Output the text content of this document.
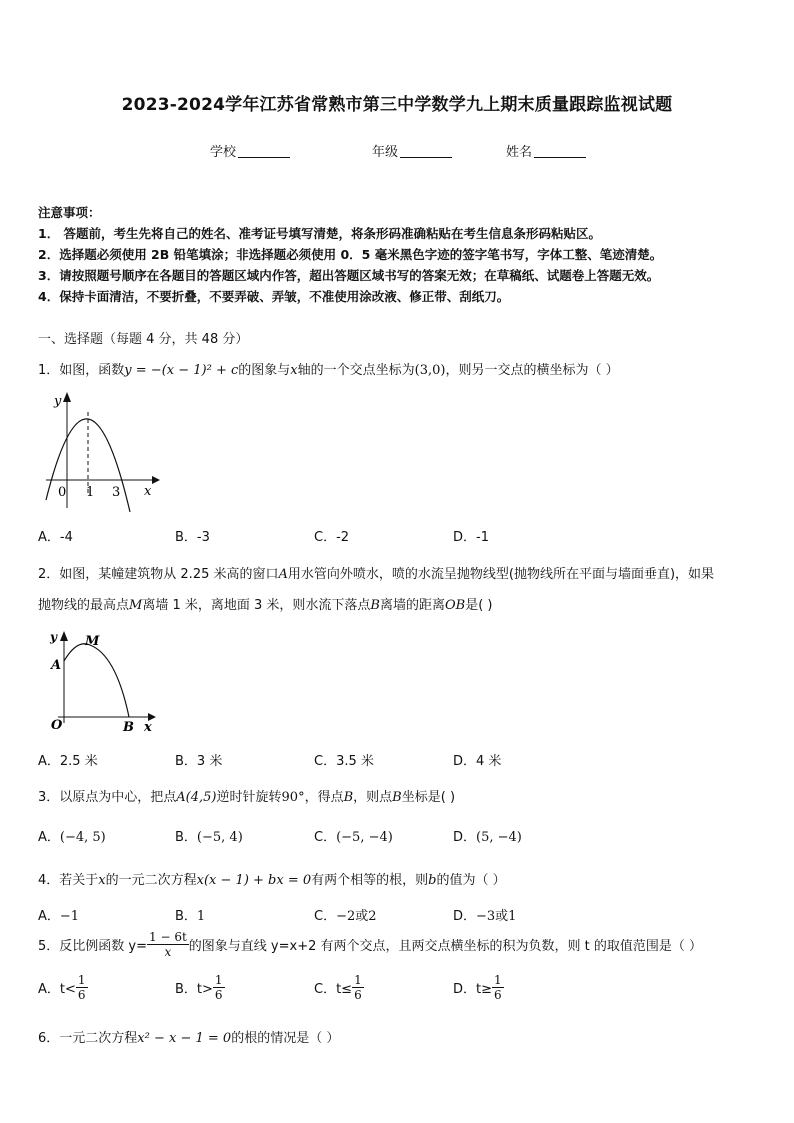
2023-2024学年江苏省常熟市第三中学数学九上期末质量跟踪监视试题
学校	年级	姓名
注意事项：
1． 答题前，考生先将自己的姓名、准考证号填写清楚，将条形码准确粘贴在考生信息条形码粘贴区。
2．选择题必须使用 2B 铅笔填涂；非选择题必须使用 0．5 毫米黑色字迹的签字笔书写，字体工整、笔迹清楚。
3．请按照题号顺序在各题目的答题区域内作答，超出答题区域书写的答案无效；在草稿纸、试题卷上答题无效。
4．保持卡面清洁，不要折叠，不要弄破、弄皱，不准使用涂改液、修正带、刮纸刀。
一、选择题（每题 4 分，共 48 分）
1．如图，函数y = −(x − 1)² + c的图象与x轴的一个交点坐标为(3,0)，则另一交点的横坐标为（ ）
y
x
0 1 3
A．-4	B．-3	C．-2	D．-1
2．如图，某幢建筑物从 2.25 米高的窗口A用水管向外喷水，喷的水流呈抛物线型(抛物线所在平面与墙面垂直)，如果
抛物线的最高点M离墙 1 米，离地面 3 米，则水流下落点B离墙的距离OB是( )
y M
A
O	B x
A．2.5 米	B．3 米	C．3.5 米	D．4 米
3．以原点为中心，把点A(4,5)逆时针旋转90°，得点B，则点B坐标是( )
A．(−4, 5)	B．(−5, 4)	C．(−5, −4)	D．(5, −4)
4．若关于x的一元二次方程x(x − 1) + bx = 0有两个相等的根，则b的值为（ ）
A．−1	B．1	C．−2或2	D．−3或1
5． 反比例函数 $y= \frac{1 - 6t}{x}$ 的图象与直线 y=x+2 有两个交点，且两交点横坐标的积为负数，则 t 的取值范围是（ ）
A．$t< \frac{1}{6}$	B．$t> \frac{1}{6}$	C．$t\le \frac{1}{6}$	D．$t\ge \frac{1}{6}$
6．一元二次方程x² − x − 1 = 0的根的情况是（ ）
